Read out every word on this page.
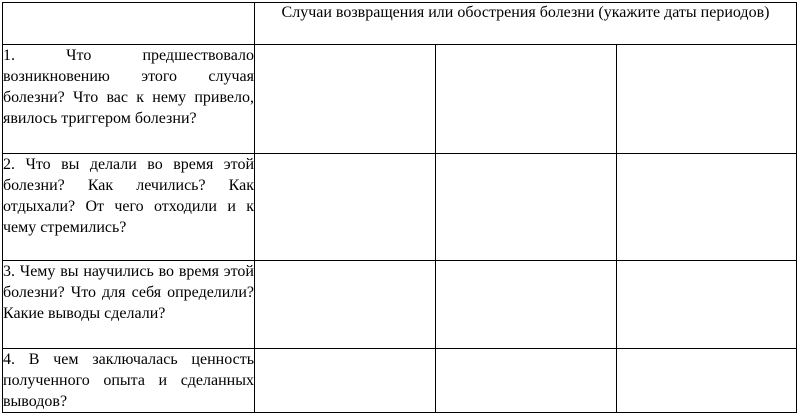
	Случаи возвращения или обострения болезни (укажите даты периодов)		
1. Что предшествовало возникновению этого случая болезни? Что вас к нему привело, явилось триггером болезни?			
2. Что вы делали во время этой болезни? Как лечились? Как отдыхали? От чего отходили и к чему стремились?			
3. Чему вы научились во время этой болезни? Что для себя определили? Какие выводы сделали?			
4. В чем заключалась ценность полученного опыта и сделанных выводов?			
